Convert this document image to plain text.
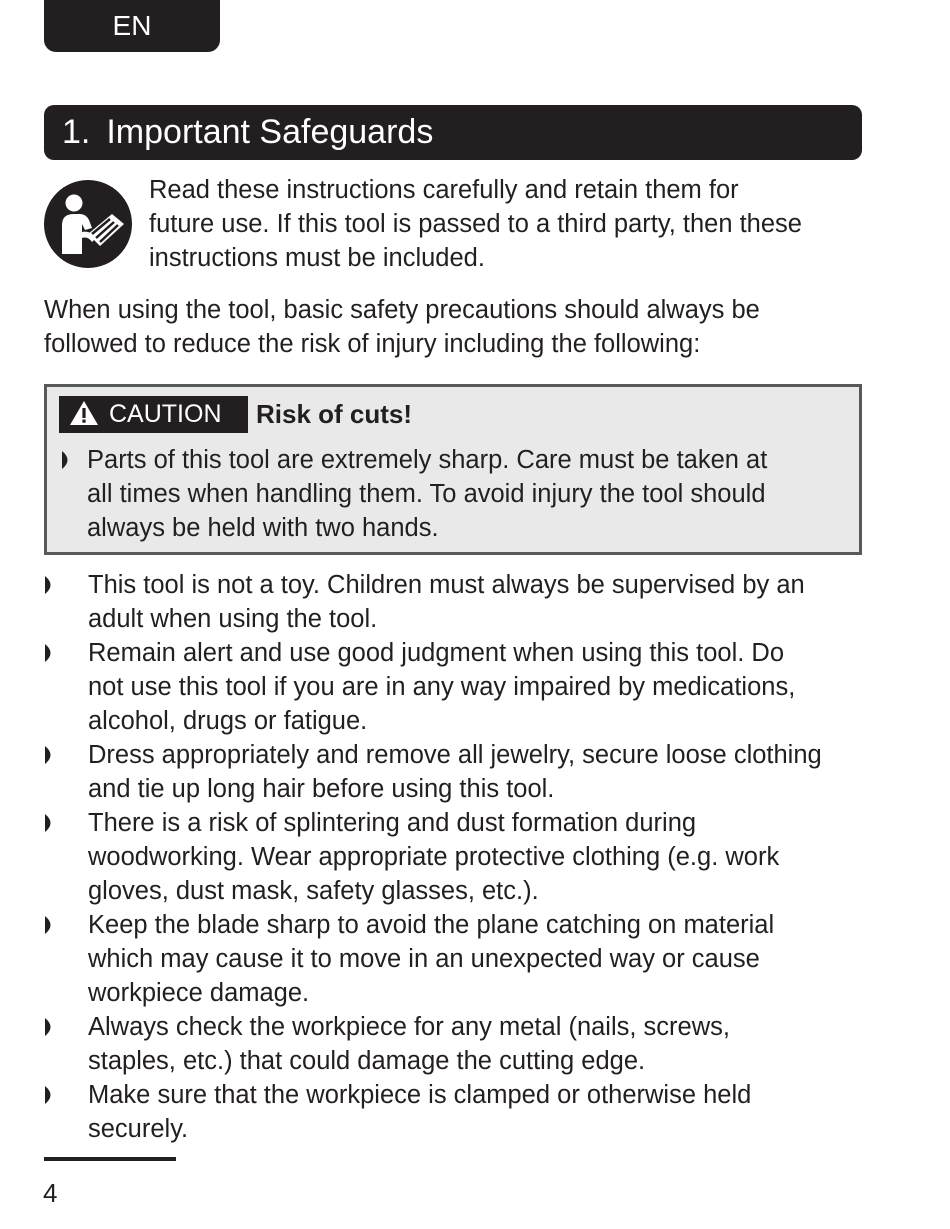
EN
1. Important Safeguards
Read these instructions carefully and retain them for
future use. If this tool is passed to a third party, then these
instructions must be included.
When using the tool, basic safety precautions should always be
followed to reduce the risk of injury including the following:
CAUTION	Risk of cuts!
Parts of this tool are extremely sharp. Care must be taken at
all times when handling them. To avoid injury the tool should
always be held with two hands.
This tool is not a toy. Children must always be supervised by an
adult when using the tool.
Remain alert and use good judgment when using this tool. Do
not use this tool if you are in any way impaired by medications,
alcohol, drugs or fatigue.
Dress appropriately and remove all jewelry, secure loose clothing
and tie up long hair before using this tool.
There is a risk of splintering and dust formation during
woodworking. Wear appropriate protective clothing (e.g. work
gloves, dust mask, safety glasses, etc.).
Keep the blade sharp to avoid the plane catching on material
which may cause it to move in an unexpected way or cause
workpiece damage.
Always check the workpiece for any metal (nails, screws,
staples, etc.) that could damage the cutting edge.
Make sure that the workpiece is clamped or otherwise held
securely.
4
